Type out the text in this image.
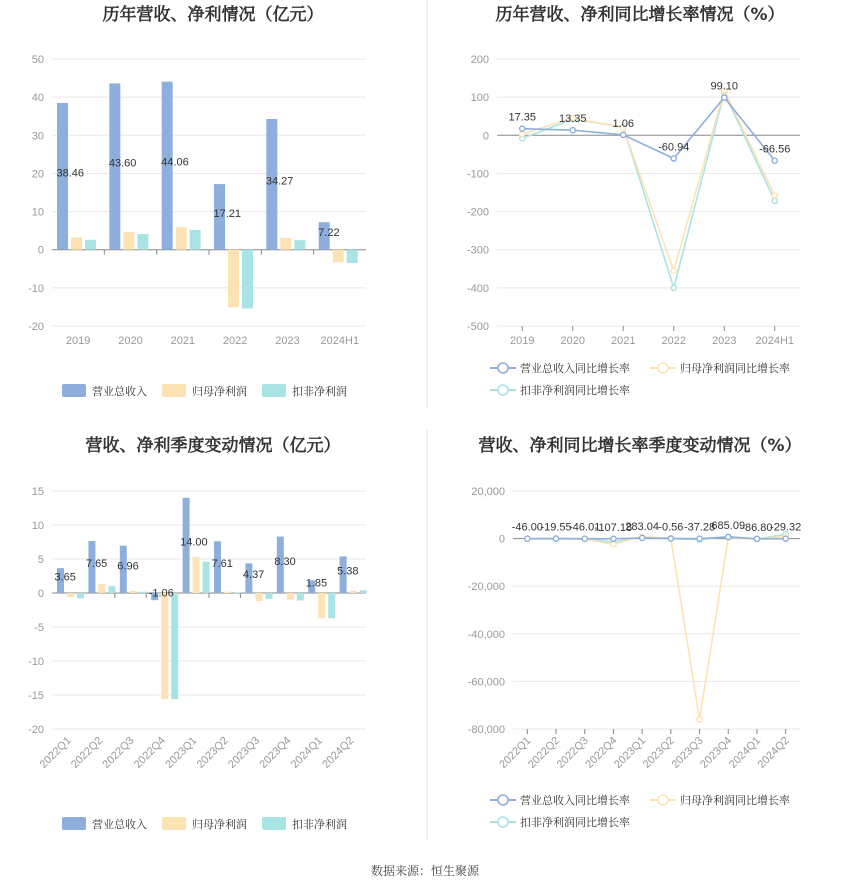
历年营收、净利情况（亿元）	历年营收、净利同比增长率情况（%）
营收、净利季度变动情况（亿元）	营收、净利同比增长率季度变动情况（%）
-20
-10
0
10
20
30
40
50
2019	2020	2021	2022	2023 2024H1
38.46
43.60 44.06
17.21
34.27
7.22
营业总收入	归母净利润	扣非净利润
-500
-400
-300
-200
-100
0
100
200
2019 2020 2021 2022 2023 2024H1
17.35 13.35 1.06
-60.94
99.10
-66.56
营业总收入同比增长率	归母净利润同比增长率
扣非净利润同比增长率
-20
-15
-10
-5
0
5
10
15
2022Q1
2022Q2
2022Q3
2022Q4
2023Q1
2023Q2
2023Q3
2023Q4
2024Q1
2024Q2
3.65
7.65 6.96
-1.06
14.00
7.61
4.37
8.30
1.85
5.38
营业总收入	归母净利润	扣非净利润
-80,000
-60,000
-40,000
-20,000
0
20,000
2022Q1
2022Q2
2022Q3
2022Q4
2023Q1
2023Q2
2023Q3
2023Q4
2024Q1
2024Q2
-46.00
-19.55
-46.01
-107.18
283.04 -0.56 -37.28
685.09
-86.80
-29.32
营业总收入同比增长率	归母净利润同比增长率
扣非净利润同比增长率
数据来源：恒生聚源
